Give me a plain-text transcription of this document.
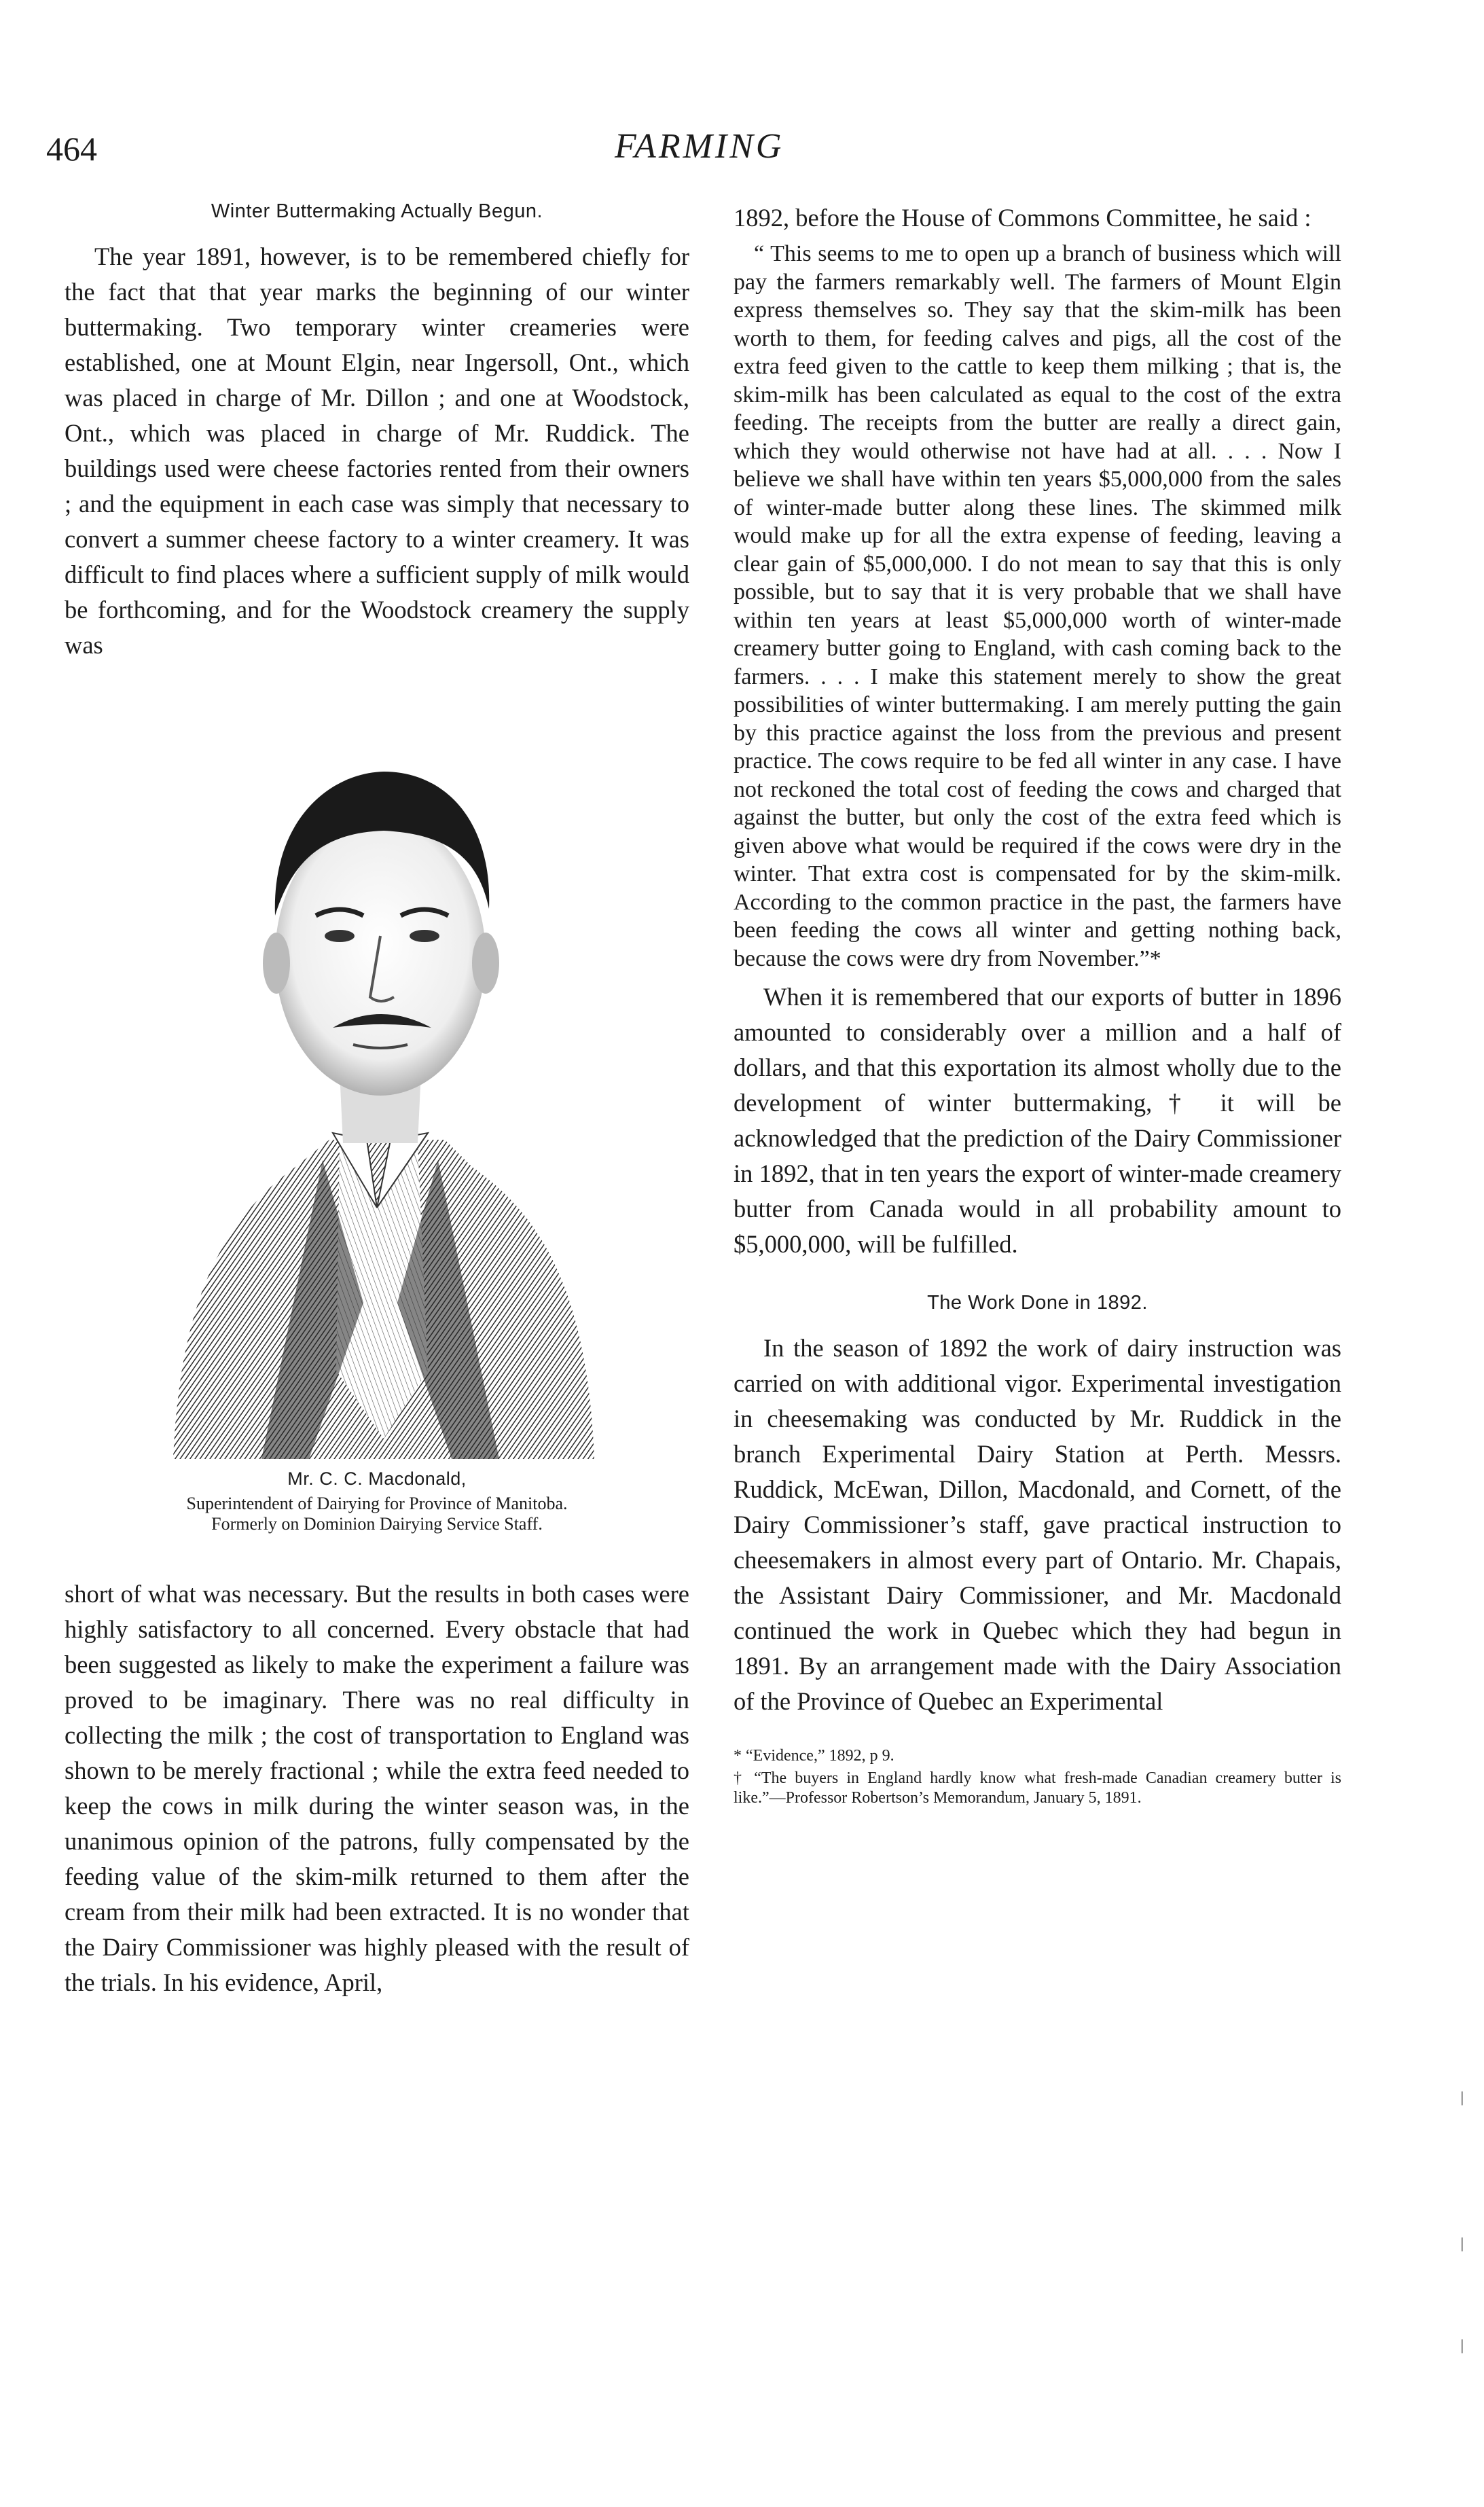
464	FARMING
Winter Buttermaking Actually Begun.

The year 1891, however, is to be remembered chiefly for the fact that that year marks the beginning of our winter buttermaking. Two temporary winter creameries were established, one at Mount Elgin, near Ingersoll, Ont., which was placed in charge of Mr. Dillon ; and one at Woodstock, Ont., which was placed in charge of Mr. Ruddick. The buildings used were cheese factories rented from their owners ; and the equipment in each case was simply that necessary to convert a summer cheese factory to a winter creamery. It was difficult to find places where a sufficient supply of milk would be forthcoming, and for the Woodstock creamery the supply was

Mr. C. C. Macdonald,

Superintendent of Dairying for Province of Manitoba.

Formerly on Dominion Dairying Service Staff.

short of what was necessary. But the results in both cases were highly satisfactory to all concerned. Every obstacle that had been suggested as likely to make the experiment a failure was proved to be imaginary. There was no real difficulty in collecting the milk ; the cost of transportation to England was shown to be merely fractional ; while the extra feed needed to keep the cows in milk during the winter season was, in the unanimous opinion of the patrons, fully compensated by the feeding value of the skim-milk returned to them after the cream from their milk had been extracted. It is no wonder that the Dairy Commissioner was highly pleased with the result of the trials. In his evidence, April,

1892, before the House of Commons Committee, he said :

“ This seems to me to open up a branch of business which will pay the farmers remarkably well. The farmers of Mount Elgin express themselves so. They say that the skim-milk has been worth to them, for feeding calves and pigs, all the cost of the extra feed given to the cattle to keep them milking ; that is, the skim-milk has been calculated as equal to the cost of the extra feeding. The receipts from the butter are really a direct gain, which they would otherwise not have had at all. . . . Now I believe we shall have within ten years $5,000,000 from the sales of winter-made butter along these lines. The skimmed milk would make up for all the extra expense of feeding, leaving a clear gain of $5,000,000. I do not mean to say that this is only possible, but to say that it is very probable that we shall have within ten years at least $5,000,000 worth of winter-made creamery butter going to England, with cash coming back to the farmers. . . . I make this statement merely to show the great possibilities of winter buttermaking. I am merely putting the gain by this practice against the loss from the previous and present practice. The cows require to be fed all winter in any case. I have not reckoned the total cost of feeding the cows and charged that against the butter, but only the cost of the extra feed which is given above what would be required if the cows were dry in the winter. That extra cost is compensated for by the skim-milk. According to the common practice in the past, the farmers have been feeding the cows all winter and getting nothing back, because the cows were dry from November.”*

When it is remembered that our exports of butter in 1896 amounted to considerably over a million and a half of dollars, and that this exportation its almost wholly due to the development of winter buttermaking,† it will be acknowledged that the prediction of the Dairy Commissioner in 1892, that in ten years the export of winter-made creamery butter from Canada would in all probability amount to $5,000,000, will be fulfilled.

The Work Done in 1892.

In the season of 1892 the work of dairy instruction was carried on with additional vigor. Experimental investigation in cheesemaking was conducted by Mr. Ruddick in the branch Experimental Dairy Station at Perth. Messrs. Ruddick, McEwan, Dillon, Macdonald, and Cornett, of the Dairy Commissioner’s staff, gave practical instruction to cheesemakers in almost every part of Ontario. Mr. Chapais, the Assistant Dairy Commissioner, and Mr. Macdonald continued the work in Quebec which they had begun in 1891. By an arrangement made with the Dairy Association of the Province of Quebec an Experimental

* “Evidence,” 1892, p 9.

† “The buyers in England hardly know what fresh-made Canadian creamery butter is like.”—Professor Robertson’s Memorandum, January 5, 1891.

|
|
|
